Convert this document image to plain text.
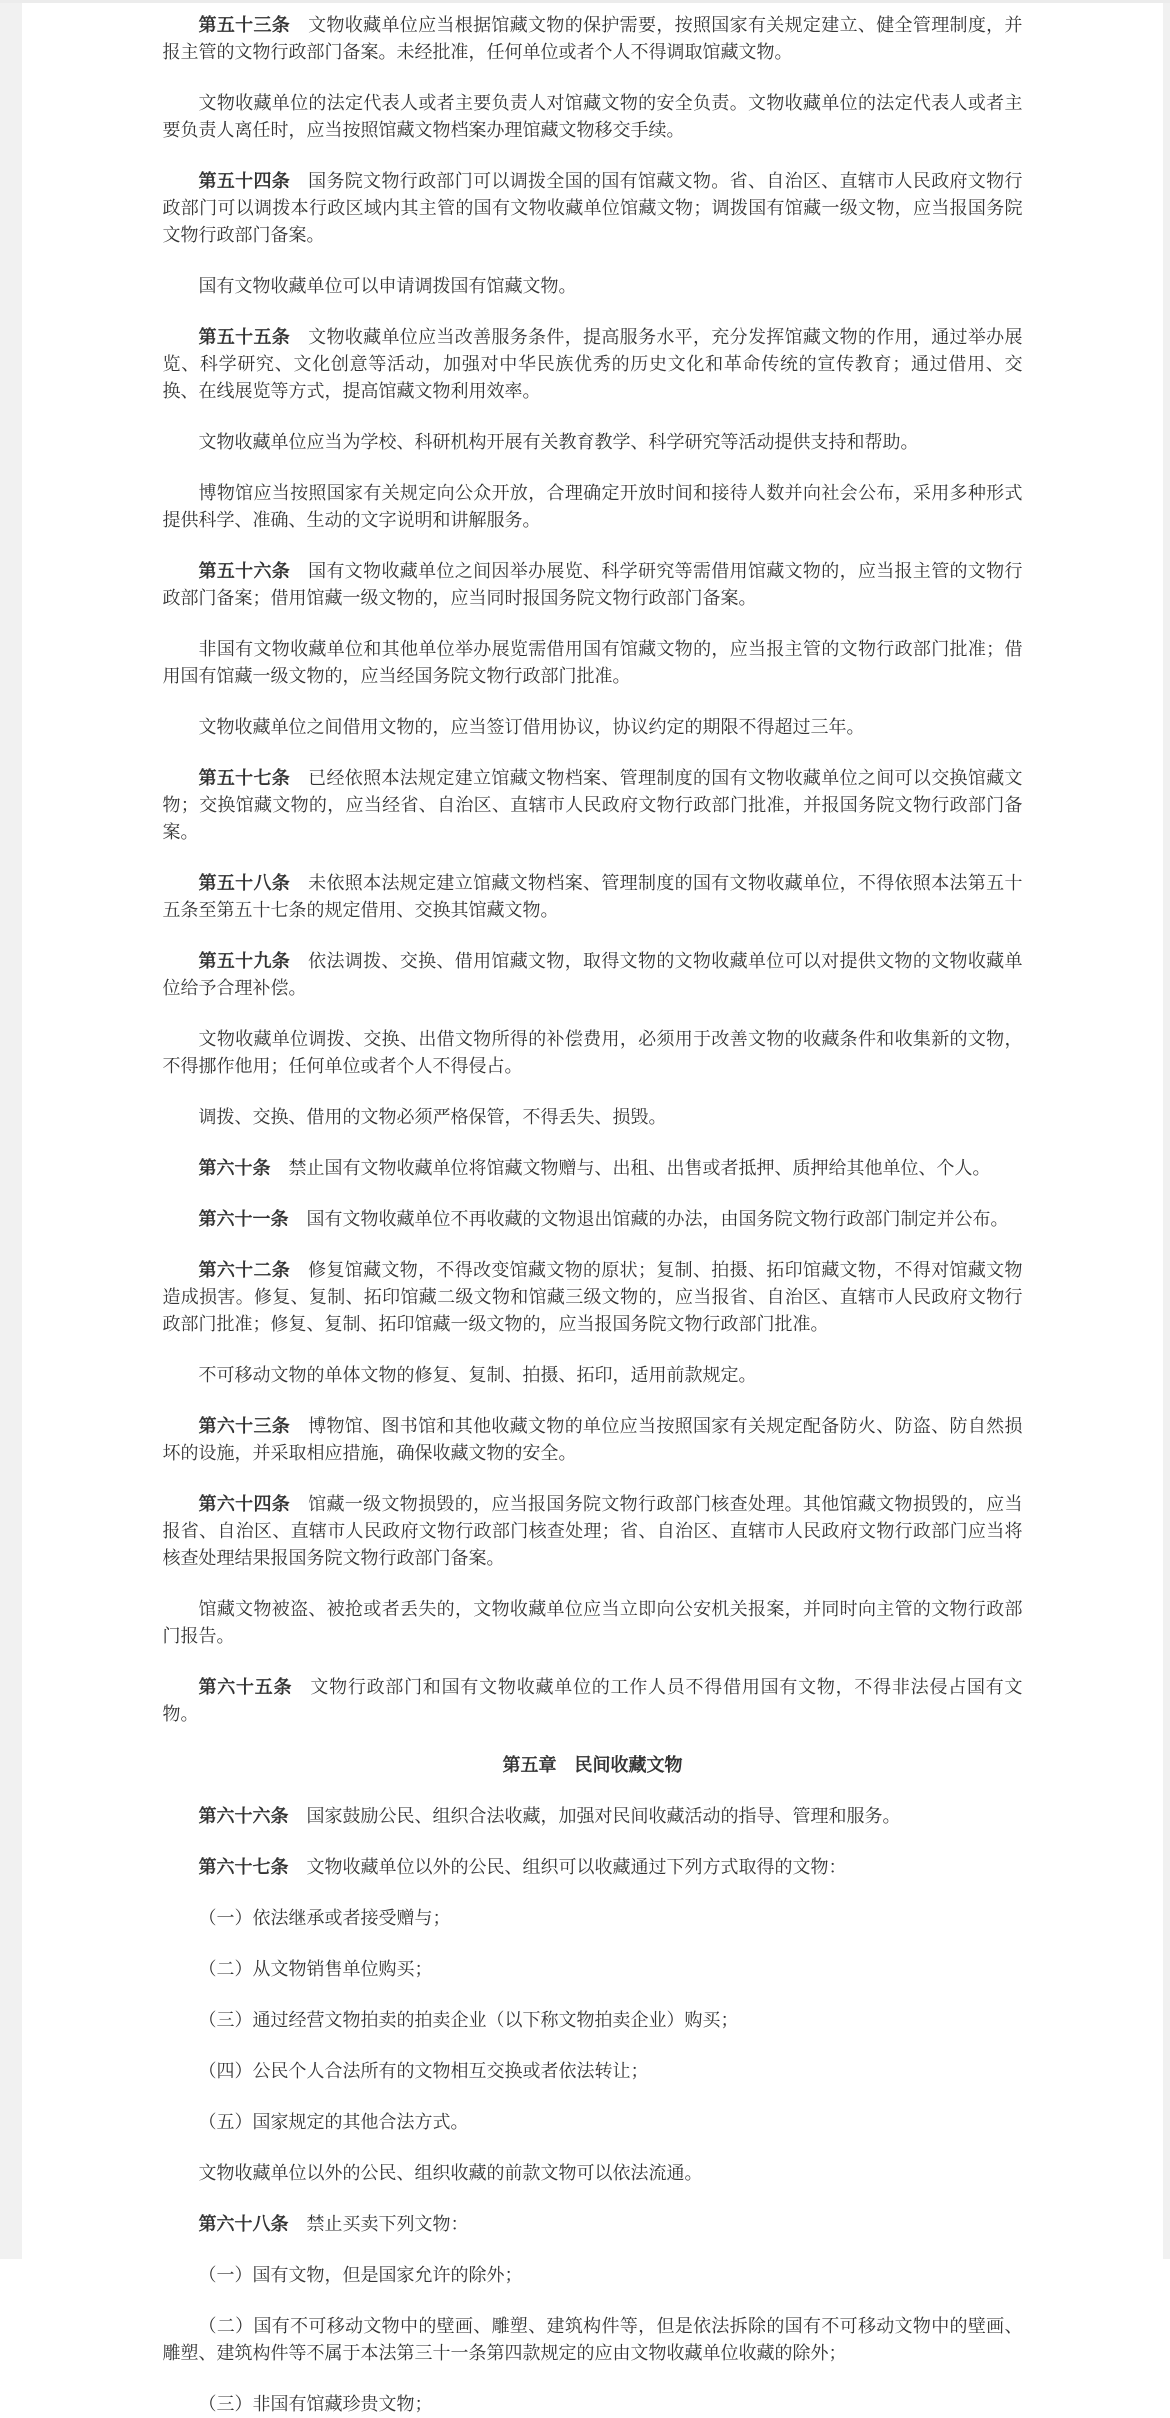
第五十三条 文物收藏单位应当根据馆藏文物的保护需要，按照国家有关规定建立、健全管理制度，并报主管的文物行政部门备案。未经批准，任何单位或者个人不得调取馆藏文物。

文物收藏单位的法定代表人或者主要负责人对馆藏文物的安全负责。文物收藏单位的法定代表人或者主要负责人离任时，应当按照馆藏文物档案办理馆藏文物移交手续。

第五十四条 国务院文物行政部门可以调拨全国的国有馆藏文物。省、自治区、直辖市人民政府文物行政部门可以调拨本行政区域内其主管的国有文物收藏单位馆藏文物；调拨国有馆藏一级文物，应当报国务院文物行政部门备案。

国有文物收藏单位可以申请调拨国有馆藏文物。

第五十五条 文物收藏单位应当改善服务条件，提高服务水平，充分发挥馆藏文物的作用，通过举办展览、科学研究、文化创意等活动，加强对中华民族优秀的历史文化和革命传统的宣传教育；通过借用、交换、在线展览等方式，提高馆藏文物利用效率。

文物收藏单位应当为学校、科研机构开展有关教育教学、科学研究等活动提供支持和帮助。

博物馆应当按照国家有关规定向公众开放，合理确定开放时间和接待人数并向社会公布，采用多种形式提供科学、准确、生动的文字说明和讲解服务。

第五十六条 国有文物收藏单位之间因举办展览、科学研究等需借用馆藏文物的，应当报主管的文物行政部门备案；借用馆藏一级文物的，应当同时报国务院文物行政部门备案。

非国有文物收藏单位和其他单位举办展览需借用国有馆藏文物的，应当报主管的文物行政部门批准；借用国有馆藏一级文物的，应当经国务院文物行政部门批准。

文物收藏单位之间借用文物的，应当签订借用协议，协议约定的期限不得超过三年。

第五十七条 已经依照本法规定建立馆藏文物档案、管理制度的国有文物收藏单位之间可以交换馆藏文物；交换馆藏文物的，应当经省、自治区、直辖市人民政府文物行政部门批准，并报国务院文物行政部门备案。

第五十八条 未依照本法规定建立馆藏文物档案、管理制度的国有文物收藏单位，不得依照本法第五十五条至第五十七条的规定借用、交换其馆藏文物。

第五十九条 依法调拨、交换、借用馆藏文物，取得文物的文物收藏单位可以对提供文物的文物收藏单位给予合理补偿。

文物收藏单位调拨、交换、出借文物所得的补偿费用，必须用于改善文物的收藏条件和收集新的文物，不得挪作他用；任何单位或者个人不得侵占。

调拨、交换、借用的文物必须严格保管，不得丢失、损毁。

第六十条 禁止国有文物收藏单位将馆藏文物赠与、出租、出售或者抵押、质押给其他单位、个人。

第六十一条 国有文物收藏单位不再收藏的文物退出馆藏的办法，由国务院文物行政部门制定并公布。

第六十二条 修复馆藏文物，不得改变馆藏文物的原状；复制、拍摄、拓印馆藏文物，不得对馆藏文物造成损害。修复、复制、拓印馆藏二级文物和馆藏三级文物的，应当报省、自治区、直辖市人民政府文物行政部门批准；修复、复制、拓印馆藏一级文物的，应当报国务院文物行政部门批准。

不可移动文物的单体文物的修复、复制、拍摄、拓印，适用前款规定。

第六十三条 博物馆、图书馆和其他收藏文物的单位应当按照国家有关规定配备防火、防盗、防自然损坏的设施，并采取相应措施，确保收藏文物的安全。

第六十四条 馆藏一级文物损毁的，应当报国务院文物行政部门核查处理。其他馆藏文物损毁的，应当报省、自治区、直辖市人民政府文物行政部门核查处理；省、自治区、直辖市人民政府文物行政部门应当将核查处理结果报国务院文物行政部门备案。

馆藏文物被盗、被抢或者丢失的，文物收藏单位应当立即向公安机关报案，并同时向主管的文物行政部门报告。

第六十五条 文物行政部门和国有文物收藏单位的工作人员不得借用国有文物，不得非法侵占国有文物。

第五章 民间收藏文物

第六十六条 国家鼓励公民、组织合法收藏，加强对民间收藏活动的指导、管理和服务。

第六十七条 文物收藏单位以外的公民、组织可以收藏通过下列方式取得的文物：

（一）依法继承或者接受赠与；

（二）从文物销售单位购买；

（三）通过经营文物拍卖的拍卖企业（以下称文物拍卖企业）购买；

（四）公民个人合法所有的文物相互交换或者依法转让；

（五）国家规定的其他合法方式。

文物收藏单位以外的公民、组织收藏的前款文物可以依法流通。

第六十八条 禁止买卖下列文物：

（一）国有文物，但是国家允许的除外；

（二）国有不可移动文物中的壁画、雕塑、建筑构件等，但是依法拆除的国有不可移动文物中的壁画、雕塑、建筑构件等不属于本法第三十一条第四款规定的应由文物收藏单位收藏的除外；

（三）非国有馆藏珍贵文物；
